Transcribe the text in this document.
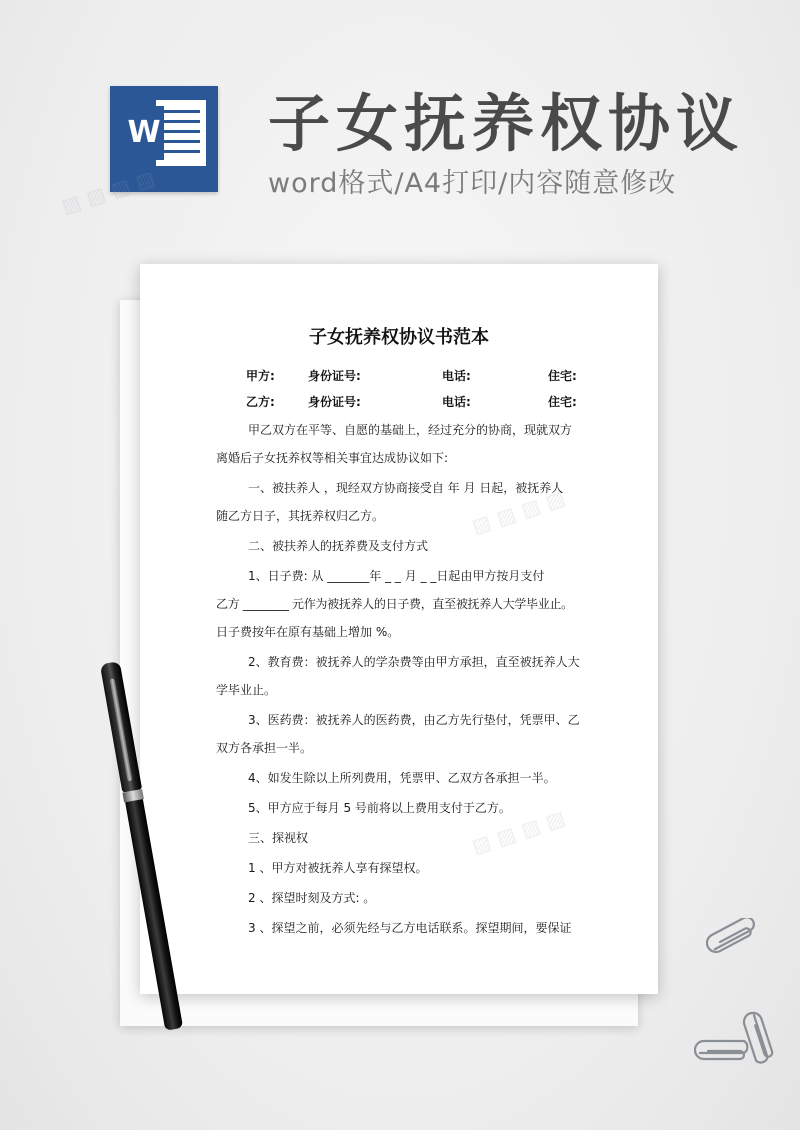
W 子女抚养权协议

word格式/A4打印/内容随意修改

子女抚养权协议书范本
甲方:	身份证号:	电话:	住宅:
乙方:	身份证号:	电话:	住宅:

甲乙双方在平等、自愿的基础上，经过充分的协商，现就双方

离婚后子女抚养权等相关事宜达成协议如下:

一、被扶养人 ，现经双方协商接受自 年 月 日起，被抚养人

随乙方日子，其抚养权归乙方。

二、被扶养人的抚养费及支付方式

1、日子费: 从 _______年 _ _ 月 _ _日起由甲方按月支付

乙方 ________ 元作为被抚养人的日子费，直至被抚养人大学毕业止。

日子费按年在原有基础上增加 %。

2、教育费：被抚养人的学杂费等由甲方承担，直至被抚养人大

学毕业止。

3、医药费：被抚养人的医药费，由乙方先行垫付，凭票甲、乙

双方各承担一半。

4、如发生除以上所列费用，凭票甲、乙双方各承担一半。

5、甲方应于每月 5 号前将以上费用支付于乙方。

三、探视权

1 、甲方对被抚养人享有探望权。

2 、探望时刻及方式: 。

3 、探望之前，必须先经与乙方电话联系。探望期间，要保证

▨ ▨ ▨ ▨
